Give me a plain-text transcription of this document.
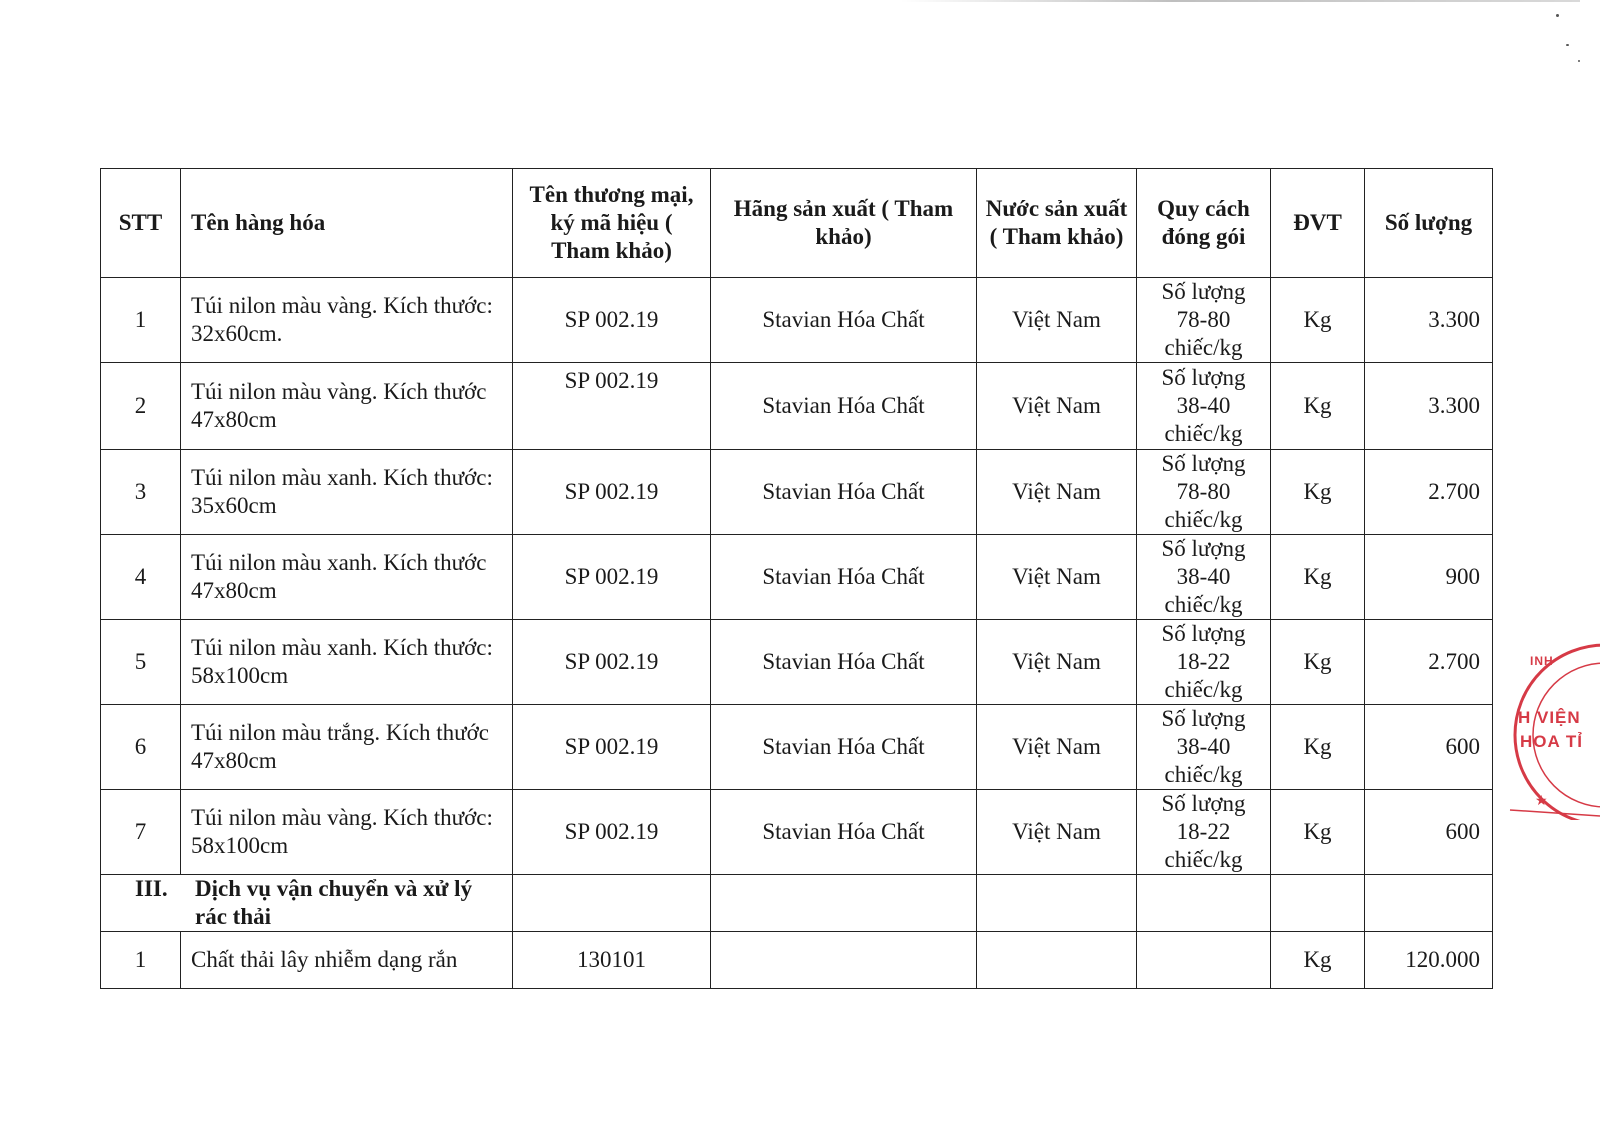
STT	Tên hàng hóa	Tên thương mại, ký mã hiệu ( Tham khảo)	Hãng sản xuất ( Tham khảo)	Nước sản xuất ( Tham khảo)	Quy cách đóng gói	ĐVT	Số lượng
1	Túi nilon màu vàng. Kích thước: 32x60cm.	SP 002.19	Stavian Hóa Chất	Việt Nam	Số lượng 78-80 chiếc/kg	Kg	3.300
2	Túi nilon màu vàng. Kích thước 47x80cm	SP 002.19	Stavian Hóa Chất	Việt Nam	Số lượng 38-40 chiếc/kg	Kg	3.300
3	Túi nilon màu xanh. Kích thước: 35x60cm	SP 002.19	Stavian Hóa Chất	Việt Nam	Số lượng 78-80 chiếc/kg	Kg	2.700
4	Túi nilon màu xanh. Kích thước 47x80cm	SP 002.19	Stavian Hóa Chất	Việt Nam	Số lượng 38-40 chiếc/kg	Kg	900
5	Túi nilon màu xanh. Kích thước: 58x100cm	SP 002.19	Stavian Hóa Chất	Việt Nam	Số lượng 18-22 chiếc/kg	Kg	2.700
6	Túi nilon màu trắng. Kích thước 47x80cm	SP 002.19	Stavian Hóa Chất	Việt Nam	Số lượng 38-40 chiếc/kg	Kg	600
7	Túi nilon màu vàng. Kích thước: 58x100cm	SP 002.19	Stavian Hóa Chất	Việt Nam	Số lượng 18-22 chiếc/kg	Kg	600
III. Dịch vụ vận chuyển và xử lý rác thải							
1	Chất thải lây nhiễm dạng rắn	130101				Kg	120.000
INH
H VIỆN
HOA TỈ
★
